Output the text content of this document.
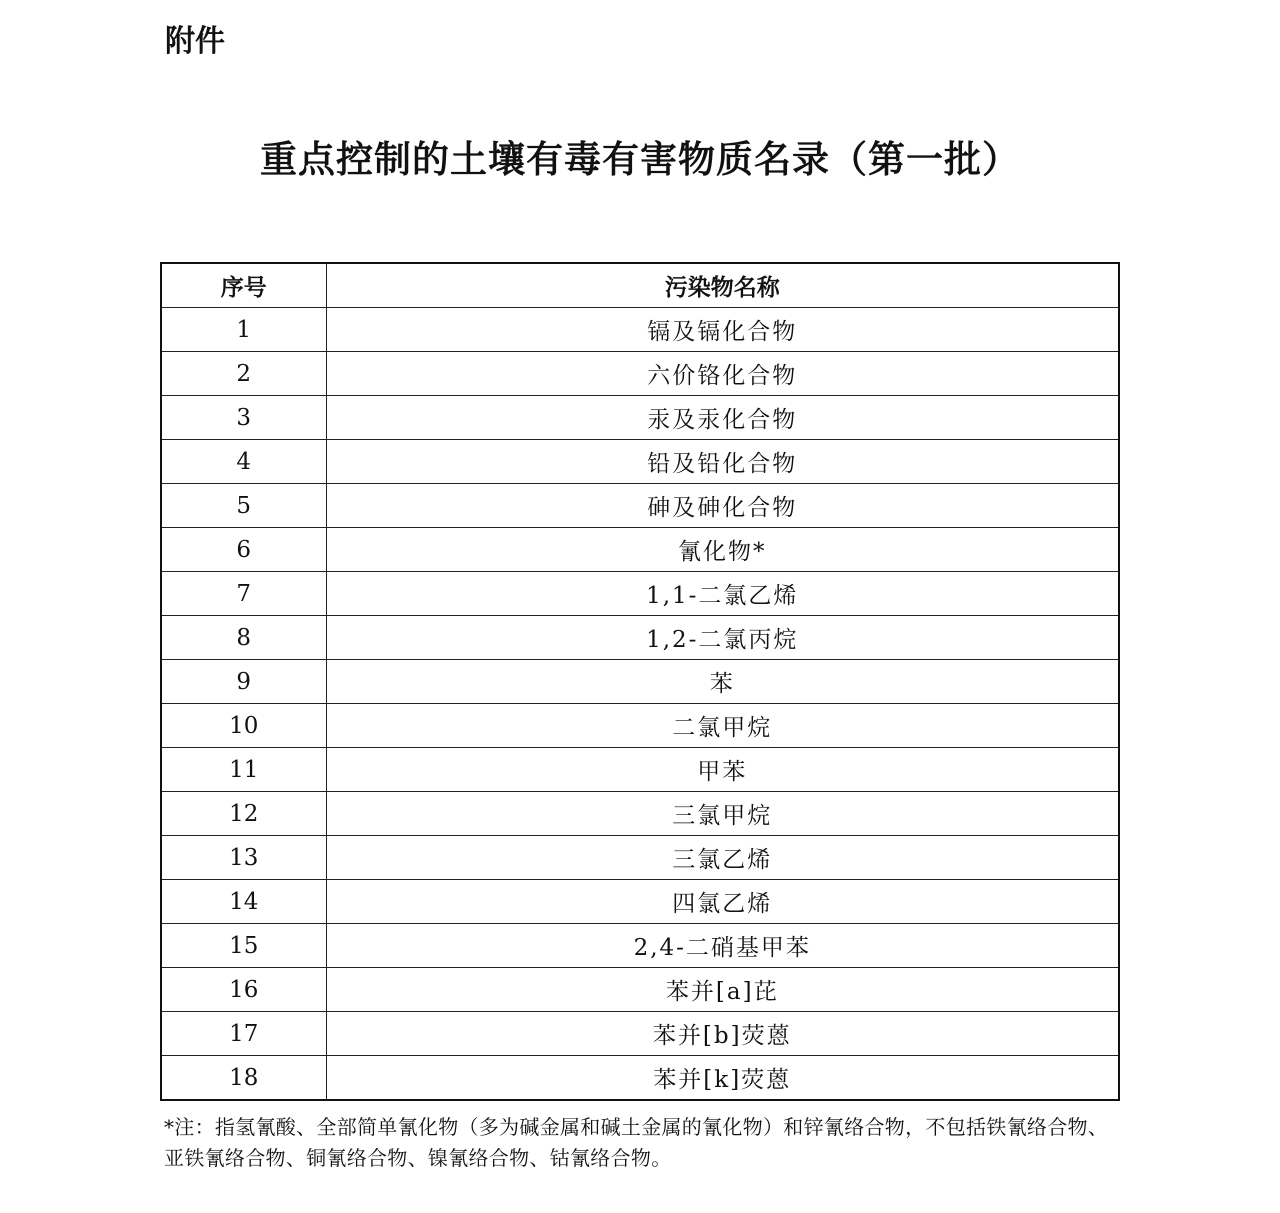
附件
重点控制的土壤有毒有害物质名录（第一批）
序号	污染物名称
1	镉及镉化合物
2	六价铬化合物
3	汞及汞化合物
4	铅及铅化合物
5	砷及砷化合物
6	氰化物*
7	1,1-二氯乙烯
8	1,2-二氯丙烷
9	苯
10	二氯甲烷
11	甲苯
12	三氯甲烷
13	三氯乙烯
14	四氯乙烯
15	2,4-二硝基甲苯
16	苯并[a]芘
17	苯并[b]荧蒽
18	苯并[k]荧蒽
*注：指氢氰酸、全部简单氰化物（多为碱金属和碱土金属的氰化物）和锌氰络合物，不包括铁氰络合物、亚铁氰络合物、铜氰络合物、镍氰络合物、钴氰络合物。
